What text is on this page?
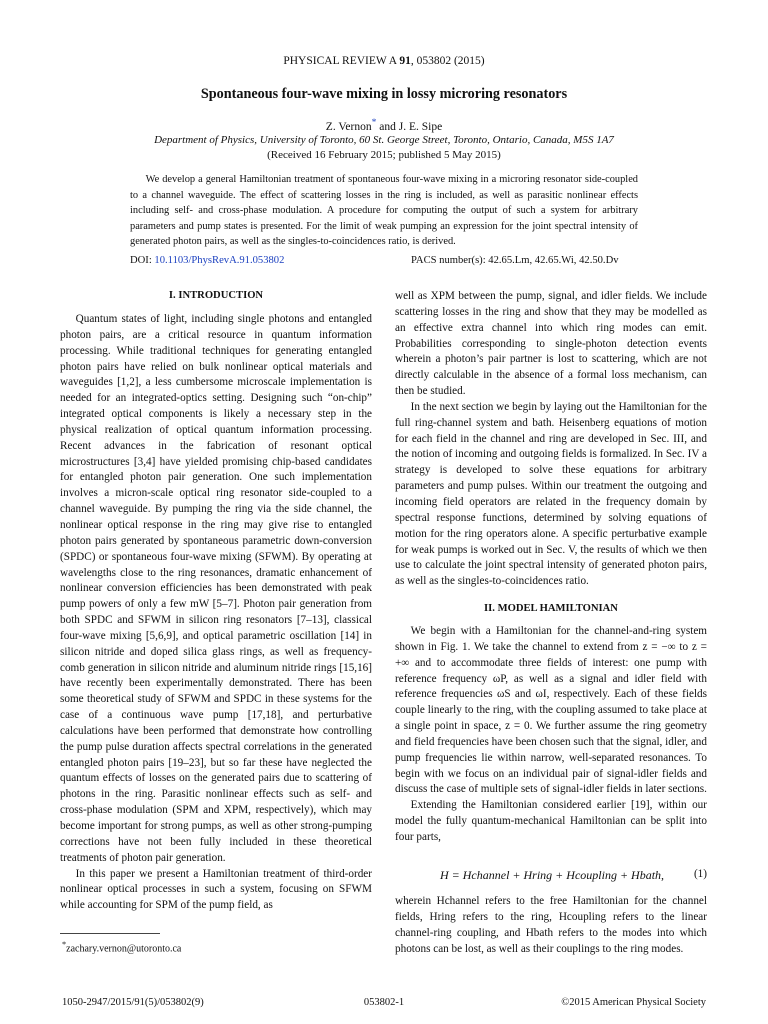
PHYSICAL REVIEW A 91, 053802 (2015)
Spontaneous four-wave mixing in lossy microring resonators
Z. Vernon* and J. E. Sipe
Department of Physics, University of Toronto, 60 St. George Street, Toronto, Ontario, Canada, M5S 1A7
(Received 16 February 2015; published 5 May 2015)
We develop a general Hamiltonian treatment of spontaneous four-wave mixing in a microring resonator side-coupled to a channel waveguide. The effect of scattering losses in the ring is included, as well as parasitic nonlinear effects including self- and cross-phase modulation. A procedure for computing the output of such a system for arbitrary parameters and pump states is presented. For the limit of weak pumping an expression for the joint spectral intensity of generated photon pairs, as well as the singles-to-coincidences ratio, is derived.
DOI: 10.1103/PhysRevA.91.053802	PACS number(s): 42.65.Lm, 42.65.Wi, 42.50.Dv
I. INTRODUCTION

Quantum states of light, including single photons and entangled photon pairs, are a critical resource in quantum information processing. While traditional techniques for generating entangled photon pairs have relied on bulk nonlinear optical materials and waveguides [1,2], a less cumbersome microscale implementation is needed for an integrated-optics setting. Designing such “on-chip” integrated optical components is likely a necessary step in the physical realization of optical quantum information processing. Recent advances in the fabrication of resonant optical microstructures [3,4] have yielded promising chip-based candidates for entangled photon pair generation. One such implementation involves a micron-scale optical ring resonator side-coupled to a channel waveguide. By pumping the ring via the side channel, the nonlinear optical response in the ring may give rise to entangled photon pairs generated by spontaneous parametric down-conversion (SPDC) or spontaneous four-wave mixing (SFWM). By operating at wavelengths close to the ring resonances, dramatic enhancement of nonlinear conversion efficiencies has been demonstrated with peak pump powers of only a few mW [5–7]. Photon pair generation from both SPDC and SFWM in silicon ring resonators [7–13], classical four-wave mixing [5,6,9], and optical parametric oscillation [14] in silicon nitride and doped silica glass rings, as well as frequency-comb generation in silicon nitride and aluminum nitride rings [15,16] have recently been experimentally demonstrated. There has been some theoretical study of SFWM and SPDC in these systems for the case of a continuous wave pump [17,18], and perturbative calculations have been performed that demonstrate how controlling the pump pulse duration affects spectral correlations in the generated entangled photon pairs [19–23], but so far these have neglected the quantum effects of losses on the generated pairs due to scattering of photons in the ring. Parasitic nonlinear effects such as self- and cross-phase modulation (SPM and XPM, respectively), which may become important for strong pumps, as well as other strong-pumping corrections have not been fully included in these theoretical treatments of photon pair generation.

In this paper we present a Hamiltonian treatment of third-order nonlinear optical processes in such a system, focusing on SFWM while accounting for SPM of the pump field, as

well as XPM between the pump, signal, and idler fields. We include scattering losses in the ring and show that they may be modelled as an effective extra channel into which ring modes can emit. Probabilities corresponding to single-photon detection events wherein a photon’s pair partner is lost to scattering, which are not directly calculable in the absence of a formal loss mechanism, can then be studied.

In the next section we begin by laying out the Hamiltonian for the full ring-channel system and bath. Heisenberg equations of motion for each field in the channel and ring are developed in Sec. III, and the notion of incoming and outgoing fields is formalized. In Sec. IV a strategy is developed to solve these equations for arbitrary parameters and pump pulses. Within our treatment the outgoing and incoming field operators are related in the frequency domain by spectral response functions, determined by solving equations of motion for the ring operators alone. A specific perturbative example for weak pumps is worked out in Sec. V, the results of which we then use to calculate the joint spectral intensity of generated photon pairs, as well as the singles-to-coincidences ratio.

II. MODEL HAMILTONIAN

We begin with a Hamiltonian for the channel-and-ring system shown in Fig. 1. We take the channel to extend from z = −∞ to z = +∞ and to accommodate three fields of interest: one pump with reference frequency ωP, as well as a signal and idler field with reference frequencies ωS and ωI, respectively. Each of these fields couple linearly to the ring, with the coupling assumed to take place at a single point in space, z = 0. We further assume the ring geometry and field frequencies have been chosen such that the signal, idler, and pump frequencies lie within narrow, well-separated resonances. To begin with we focus on an individual pair of signal-idler fields and discuss the case of multiple sets of signal-idler fields in later sections.

Extending the Hamiltonian considered earlier [19], within our model the fully quantum-mechanical Hamiltonian can be split into four parts,

H = Hchannel + Hring + Hcoupling + Hbath,	(1)

wherein Hchannel refers to the free Hamiltonian for the channel fields, Hring refers to the ring, Hcoupling refers to the linear channel-ring coupling, and Hbath refers to the modes into which photons can be lost, as well as their couplings to the ring modes.

*zachary.vernon@utoronto.ca
1050-2947/2015/91(5)/053802(9)	053802-1	©2015 American Physical Society
